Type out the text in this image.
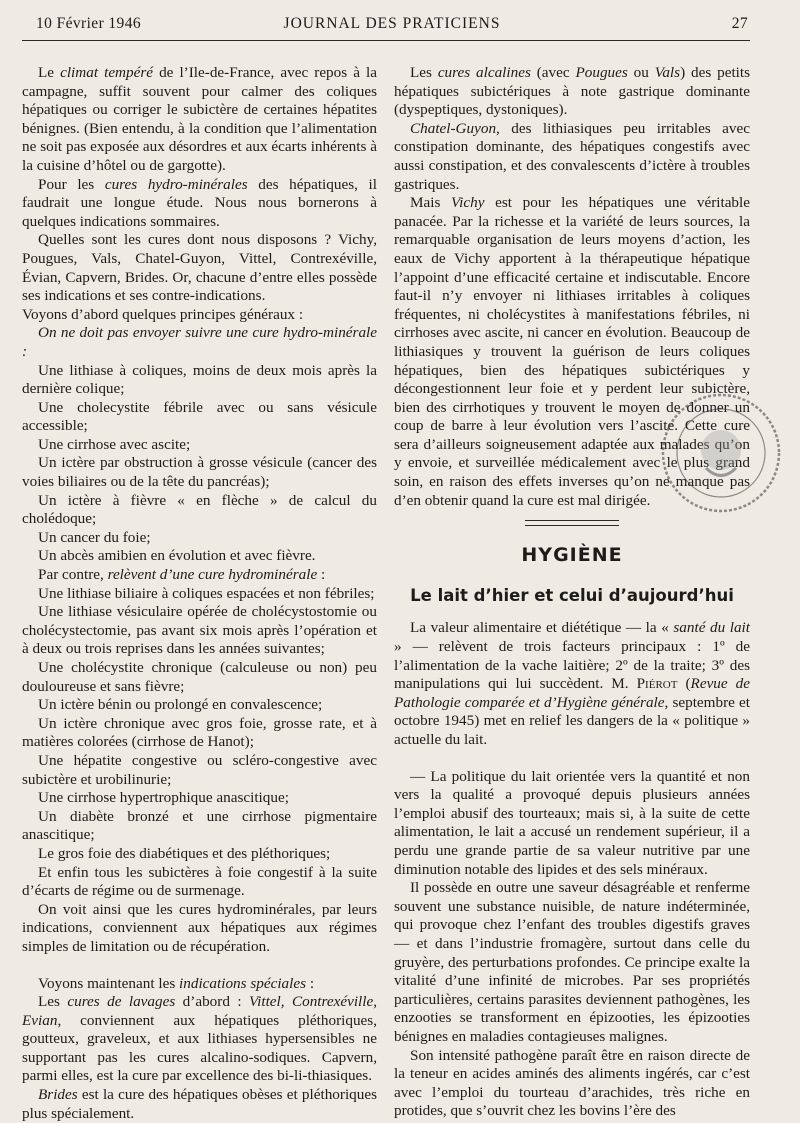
10 Février 1946	JOURNAL DES PRATICIENS	27

Le climat tempéré de l’Ile-de-France, avec repos à la campagne, suffit souvent pour calmer des coliques hépatiques ou corriger le subictère de certaines hépatites bénignes. (Bien entendu, à la condition que l’alimentation ne soit pas exposée aux désordres et aux écarts inhérents à la cuisine d’hôtel ou de gargotte).

Pour les cures hydro-minérales des hépatiques, il faudrait une longue étude. Nous nous bornerons à quelques indications sommaires.

Quelles sont les cures dont nous disposons ? Vichy, Pougues, Vals, Chatel-Guyon, Vittel, Contrexéville, Évian, Capvern, Brides. Or, chacune d’entre elles possède ses indications et ses contre-indications.

Voyons d’abord quelques principes généraux :

On ne doit pas envoyer suivre une cure hydro-minérale :

Une lithiase à coliques, moins de deux mois après la dernière colique;

Une cholecystite fébrile avec ou sans vésicule accessible;

Une cirrhose avec ascite;

Un ictère par obstruction à grosse vésicule (cancer des voies biliaires ou de la tête du pancréas);

Un ictère à fièvre « en flèche » de calcul du cholédoque;

Un cancer du foie;

Un abcès amibien en évolution et avec fièvre.

Par contre, relèvent d’une cure hydrominérale :

Une lithiase biliaire à coliques espacées et non fébriles;

Une lithiase vésiculaire opérée de cholécystostomie ou cholécystectomie, pas avant six mois après l’opération et à deux ou trois reprises dans les années suivantes;

Une cholécystite chronique (calculeuse ou non) peu douloureuse et sans fièvre;

Un ictère bénin ou prolongé en convalescence;

Un ictère chronique avec gros foie, grosse rate, et à matières colorées (cirrhose de Hanot);

Une hépatite congestive ou scléro-congestive avec subictère et urobilinurie;

Une cirrhose hypertrophique anascitique;

Un diabète bronzé et une cirrhose pigmentaire anascitique;

Le gros foie des diabétiques et des pléthoriques;

Et enfin tous les subictères à foie congestif à la suite d’écarts de régime ou de surmenage.

On voit ainsi que les cures hydrominérales, par leurs indications, conviennent aux hépatiques aux régimes simples de limitation ou de récupération.

Voyons maintenant les indications spéciales :

Les cures de lavages d’abord : Vittel, Contrexéville, Evian, conviennent aux hépatiques pléthoriques, goutteux, graveleux, et aux lithiases hypersensibles ne supportant pas les cures alcalino-sodiques. Capvern, parmi elles, est la cure par excellence des bi-li-thiasiques.

Brides est la cure des hépatiques obèses et pléthoriques plus spécialement.

Les cures alcalines (avec Pougues ou Vals) des petits hépatiques subictériques à note gastrique dominante (dyspeptiques, dystoniques).

Chatel-Guyon, des lithiasiques peu irritables avec constipation dominante, des hépatiques congestifs avec aussi constipation, et des convalescents d’ictère à troubles gastriques.

Mais Vichy est pour les hépatiques une véritable panacée. Par la richesse et la variété de leurs sources, la remarquable organisation de leurs moyens d’action, les eaux de Vichy apportent à la thérapeutique hépatique l’appoint d’une efficacité certaine et indiscutable. Encore faut-il n’y envoyer ni lithiases irritables à coliques fréquentes, ni cholécystites à manifestations fébriles, ni cirrhoses avec ascite, ni cancer en évolution. Beaucoup de lithiasiques y trouvent la guérison de leurs coliques hépatiques, bien des hépatiques subictériques y décongestionnent leur foie et y perdent leur subictère, bien des cirrhotiques y trouvent le moyen de donner un coup de barre à leur évolution vers l’ascite. Cette cure sera d’ailleurs soigneusement adaptée aux malades qu’on y envoie, et surveillée médicalement avec le plus grand soin, en raison des effets inverses qu’on ne manque pas d’en obtenir quand la cure est mal dirigée.

HYGIÈNE
Le lait d’hier et celui d’aujourd’hui

La valeur alimentaire et diététique — la « santé du lait » — relèvent de trois facteurs principaux : 1º de l’alimentation de la vache laitière; 2º de la traite; 3º des manipulations qui lui succèdent. M. Piérot (Revue de Pathologie comparée et d’Hygiène générale, septembre et octobre 1945) met en relief les dangers de la « politique » actuelle du lait.

— La politique du lait orientée vers la quantité et non vers la qualité a provoqué depuis plusieurs années l’emploi abusif des tourteaux; mais si, à la suite de cette alimentation, le lait a accusé un rendement supérieur, il a perdu une grande partie de sa valeur nutritive par une diminution notable des lipides et des sels minéraux.

Il possède en outre une saveur désagréable et renferme souvent une substance nuisible, de nature indéterminée, qui provoque chez l’enfant des troubles digestifs graves — et dans l’industrie fromagère, surtout dans celle du gruyère, des perturbations profondes. Ce principe exalte la vitalité d’une infinité de microbes. Par ses propriétés particulières, certains parasites deviennent pathogènes, les enzooties se transforment en épizooties, les épizooties bénignes en maladies contagieuses malignes.

Son intensité pathogène paraît être en raison directe de la teneur en acides aminés des aliments ingérés, car c’est avec l’emploi du tourteau d’arachides, très riche en protides, que s’ouvrit chez les bovins l’ère des
